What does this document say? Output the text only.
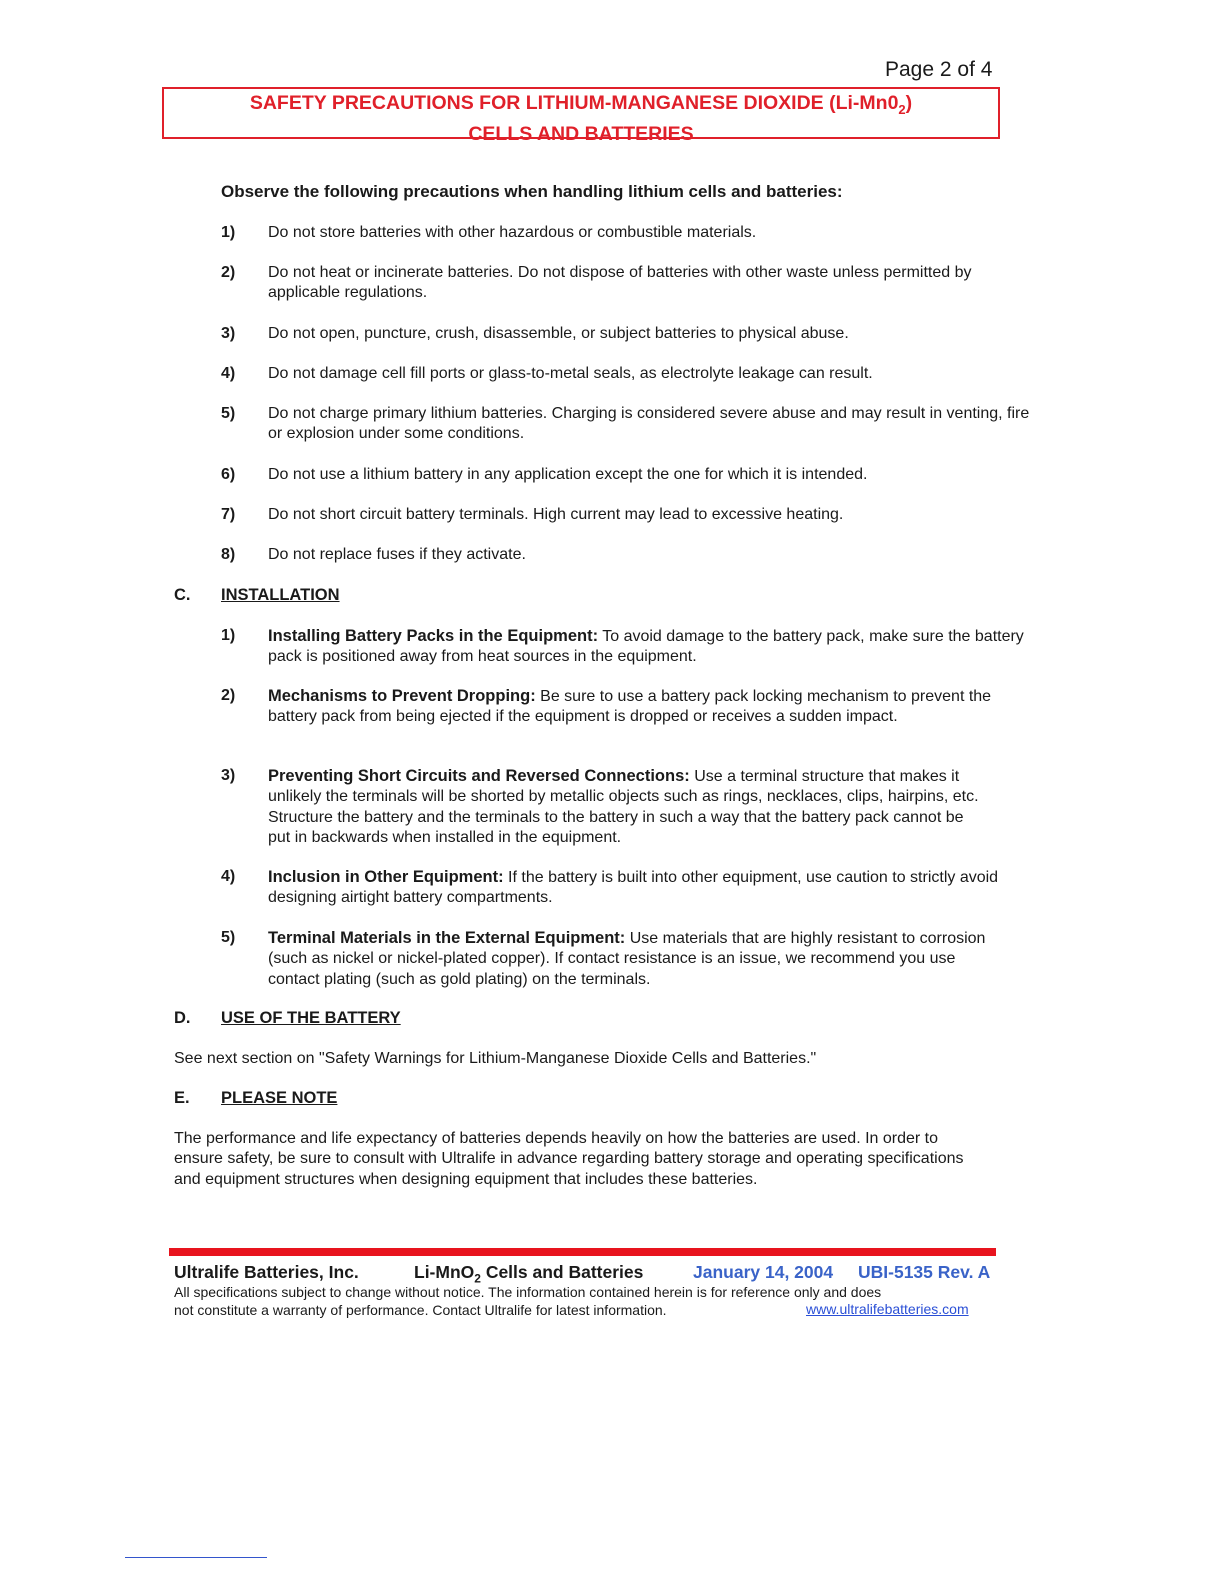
Page 2 of 4
SAFETY PRECAUTIONS FOR LITHIUM-MANGANESE DIOXIDE $(Li-Mn0_2)$
CELLS AND BATTERIES
Observe the following precautions when handling lithium cells and batteries:
1) Do not store batteries with other hazardous or combustible materials.
2) Do not heat or incinerate batteries. Do not dispose of batteries with other waste unless permitted by applicable regulations.
3) Do not open, puncture, crush, disassemble, or subject batteries to physical abuse.
4) Do not damage cell fill ports or glass-to-metal seals, as electrolyte leakage can result.
5) Do not charge primary lithium batteries. Charging is considered severe abuse and may result in venting, fire or explosion under some conditions.
6) Do not use a lithium battery in any application except the one for which it is intended.
7) Do not short circuit battery terminals. High current may lead to excessive heating.
8) Do not replace fuses if they activate.
C. INSTALLATION
1) Installing Battery Packs in the Equipment: To avoid damage to the battery pack, make sure the battery pack is positioned away from heat sources in the equipment.
2) Mechanisms to Prevent Dropping: Be sure to use a battery pack locking mechanism to prevent the battery pack from being ejected if the equipment is dropped or receives a sudden impact.
3) Preventing Short Circuits and Reversed Connections: Use a terminal structure that makes it unlikely the terminals will be shorted by metallic objects such as rings, necklaces, clips, hairpins, etc. Structure the battery and the terminals to the battery in such a way that the battery pack cannot be put in backwards when installed in the equipment.
4) Inclusion in Other Equipment: If the battery is built into other equipment, use caution to strictly avoid designing airtight battery compartments.
5) Terminal Materials in the External Equipment: Use materials that are highly resistant to corrosion (such as nickel or nickel-plated copper). If contact resistance is an issue, we recommend you use contact plating (such as gold plating) on the terminals.
D. USE OF THE BATTERY
See next section on "Safety Warnings for Lithium-Manganese Dioxide Cells and Batteries."
E. PLEASE NOTE
The performance and life expectancy of batteries depends heavily on how the batteries are used. In order to ensure safety, be sure to consult with Ultralife in advance regarding battery storage and operating specifications and equipment structures when designing equipment that includes these batteries.
Ultralife Batteries, Inc.	Li-MnO$_2$ Cells and Batteries	January 14, 2004 UBI-5135 Rev. A
All specifications subject to change without notice. The information contained herein is for reference only and does
not constitute a warranty of performance. Contact Ultralife for latest information.	www.ultralifebatteries.com
